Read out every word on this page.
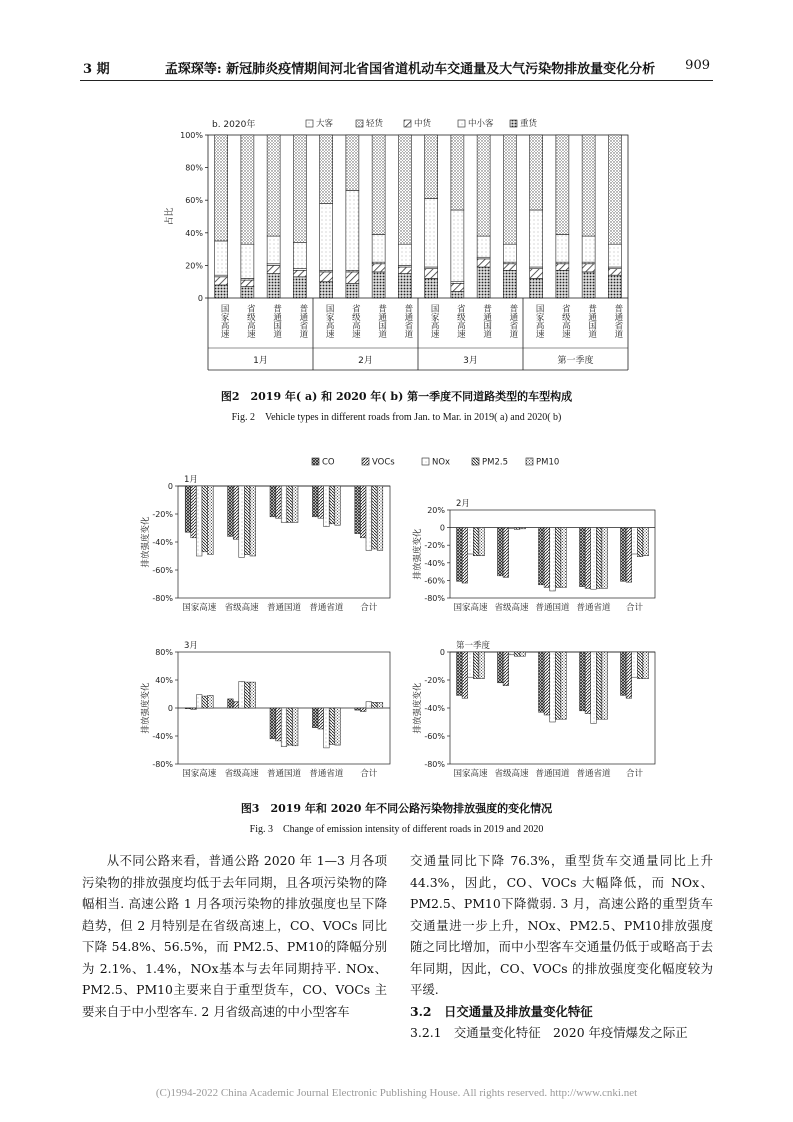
3 期	孟琛琛等: 新冠肺炎疫情期间河北省国省道机动车交通量及大气污染物排放量变化分析	909
b. 2020年	大客	轻货	中货	中小客	重货
0
20%
40%
60%
80%
100%
占比
国家高速 省级高速 普通国道 普通省道 国家高速 省级高速 普通国道 普通省道 国家高速 省级高速 普通国道 普通省道 国家高速 省级高速 普通国道 普通省道
1月	2月	3月	第一季度
图2　2019 年( a) 和 2020 年( b) 第一季度不同道路类型的车型构成
Fig. 2　Vehicle types in different roads from Jan. to Mar. in 2019( a) and 2020( b)
CO	VOCs	NOx	PM2.5	PM10
1月
0
-20%
-40%
-60%
-80%
排放强度变化
国家高速 省级高速 普通国道 普通省道 合计
2月
20%
0
-20%
-40%
-60%
-80%
排放强度变化
国家高速 省级高速 普通国道 普通省道 合计
3月
80%
40%
0
-40%
-80%
排放强度变化
国家高速 省级高速 普通国道 普通省道 合计
第一季度
0
-20%
-40%
-60%
-80%
排放强度变化
国家高速 省级高速 普通国道 普通省道 合计
图3　2019 年和 2020 年不同公路污染物排放强度的变化情况
Fig. 3　Change of emission intensity of different roads in 2019 and 2020

从不同公路来看，普通公路 2020 年 1—3 月各项污染物的排放强度均低于去年同期，且各项污染物的降幅相当. 高速公路 1 月各项污染物的排放强度也呈下降趋势，但 2 月特别是在省级高速上，CO、VOCs 同比下降 54.8%、56.5%，而 PM2.5、PM10的降幅分别为 2.1%、1.4%，NOx基本与去年同期持平. NOx、PM2.5、PM10主要来自于重型货车，CO、VOCs 主要来自于中小型客车. 2 月省级高速的中小型客车

交通量同比下降 76.3%，重型货车交通量同比上升 44.3%，因此，CO、VOCs 大幅降低，而 NOx、PM2.5、PM10下降微弱. 3 月，高速公路的重型货车交通量进一步上升，NOx、PM2.5、PM10排放强度随之同比增加，而中小型客车交通量仍低于或略高于去年同期，因此，CO、VOCs 的排放强度变化幅度较为平缓.

3.2　日交通量及排放量变化特征

3.2.1　交通量变化特征　2020 年疫情爆发之际正

(C)1994-2022 China Academic Journal Electronic Publishing House. All rights reserved. http://www.cnki.net
